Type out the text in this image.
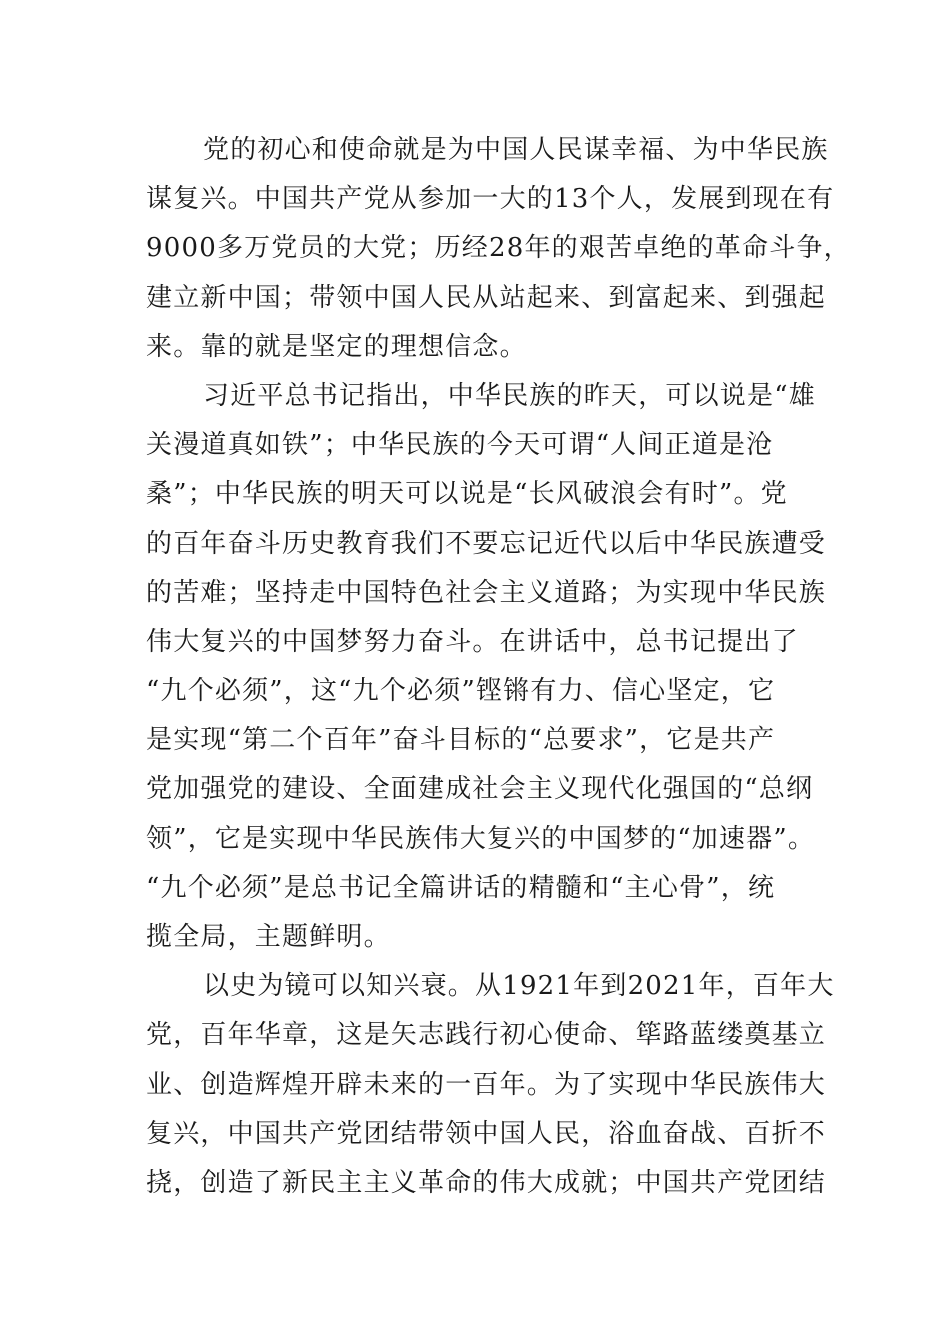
党的初心和使命就是为中国人民谋幸福、为中华民族
谋复兴。中国共产党从参加一大的13个人，发展到现在有
9000多万党员的大党；历经28年的艰苦卓绝的革命斗争，
建立新中国；带领中国人民从站起来、到富起来、到强起
来。靠的就是坚定的理想信念。
习近平总书记指出，中华民族的昨天，可以说是“雄
关漫道真如铁”；中华民族的今天可谓“人间正道是沧
桑”；中华民族的明天可以说是“长风破浪会有时”。党
的百年奋斗历史教育我们不要忘记近代以后中华民族遭受
的苦难；坚持走中国特色社会主义道路；为实现中华民族
伟大复兴的中国梦努力奋斗。在讲话中，总书记提出了
“九个必须”，这“九个必须”铿锵有力、信心坚定，它
是实现“第二个百年”奋斗目标的“总要求”，它是共产
党加强党的建设、全面建成社会主义现代化强国的“总纲
领”，它是实现中华民族伟大复兴的中国梦的“加速器”。
“九个必须”是总书记全篇讲话的精髓和“主心骨”，统
揽全局，主题鲜明。
以史为镜可以知兴衰。从1921年到2021年，百年大
党，百年华章，这是矢志践行初心使命、筚路蓝缕奠基立
业、创造辉煌开辟未来的一百年。为了实现中华民族伟大
复兴，中国共产党团结带领中国人民，浴血奋战、百折不
挠，创造了新民主主义革命的伟大成就；中国共产党团结
